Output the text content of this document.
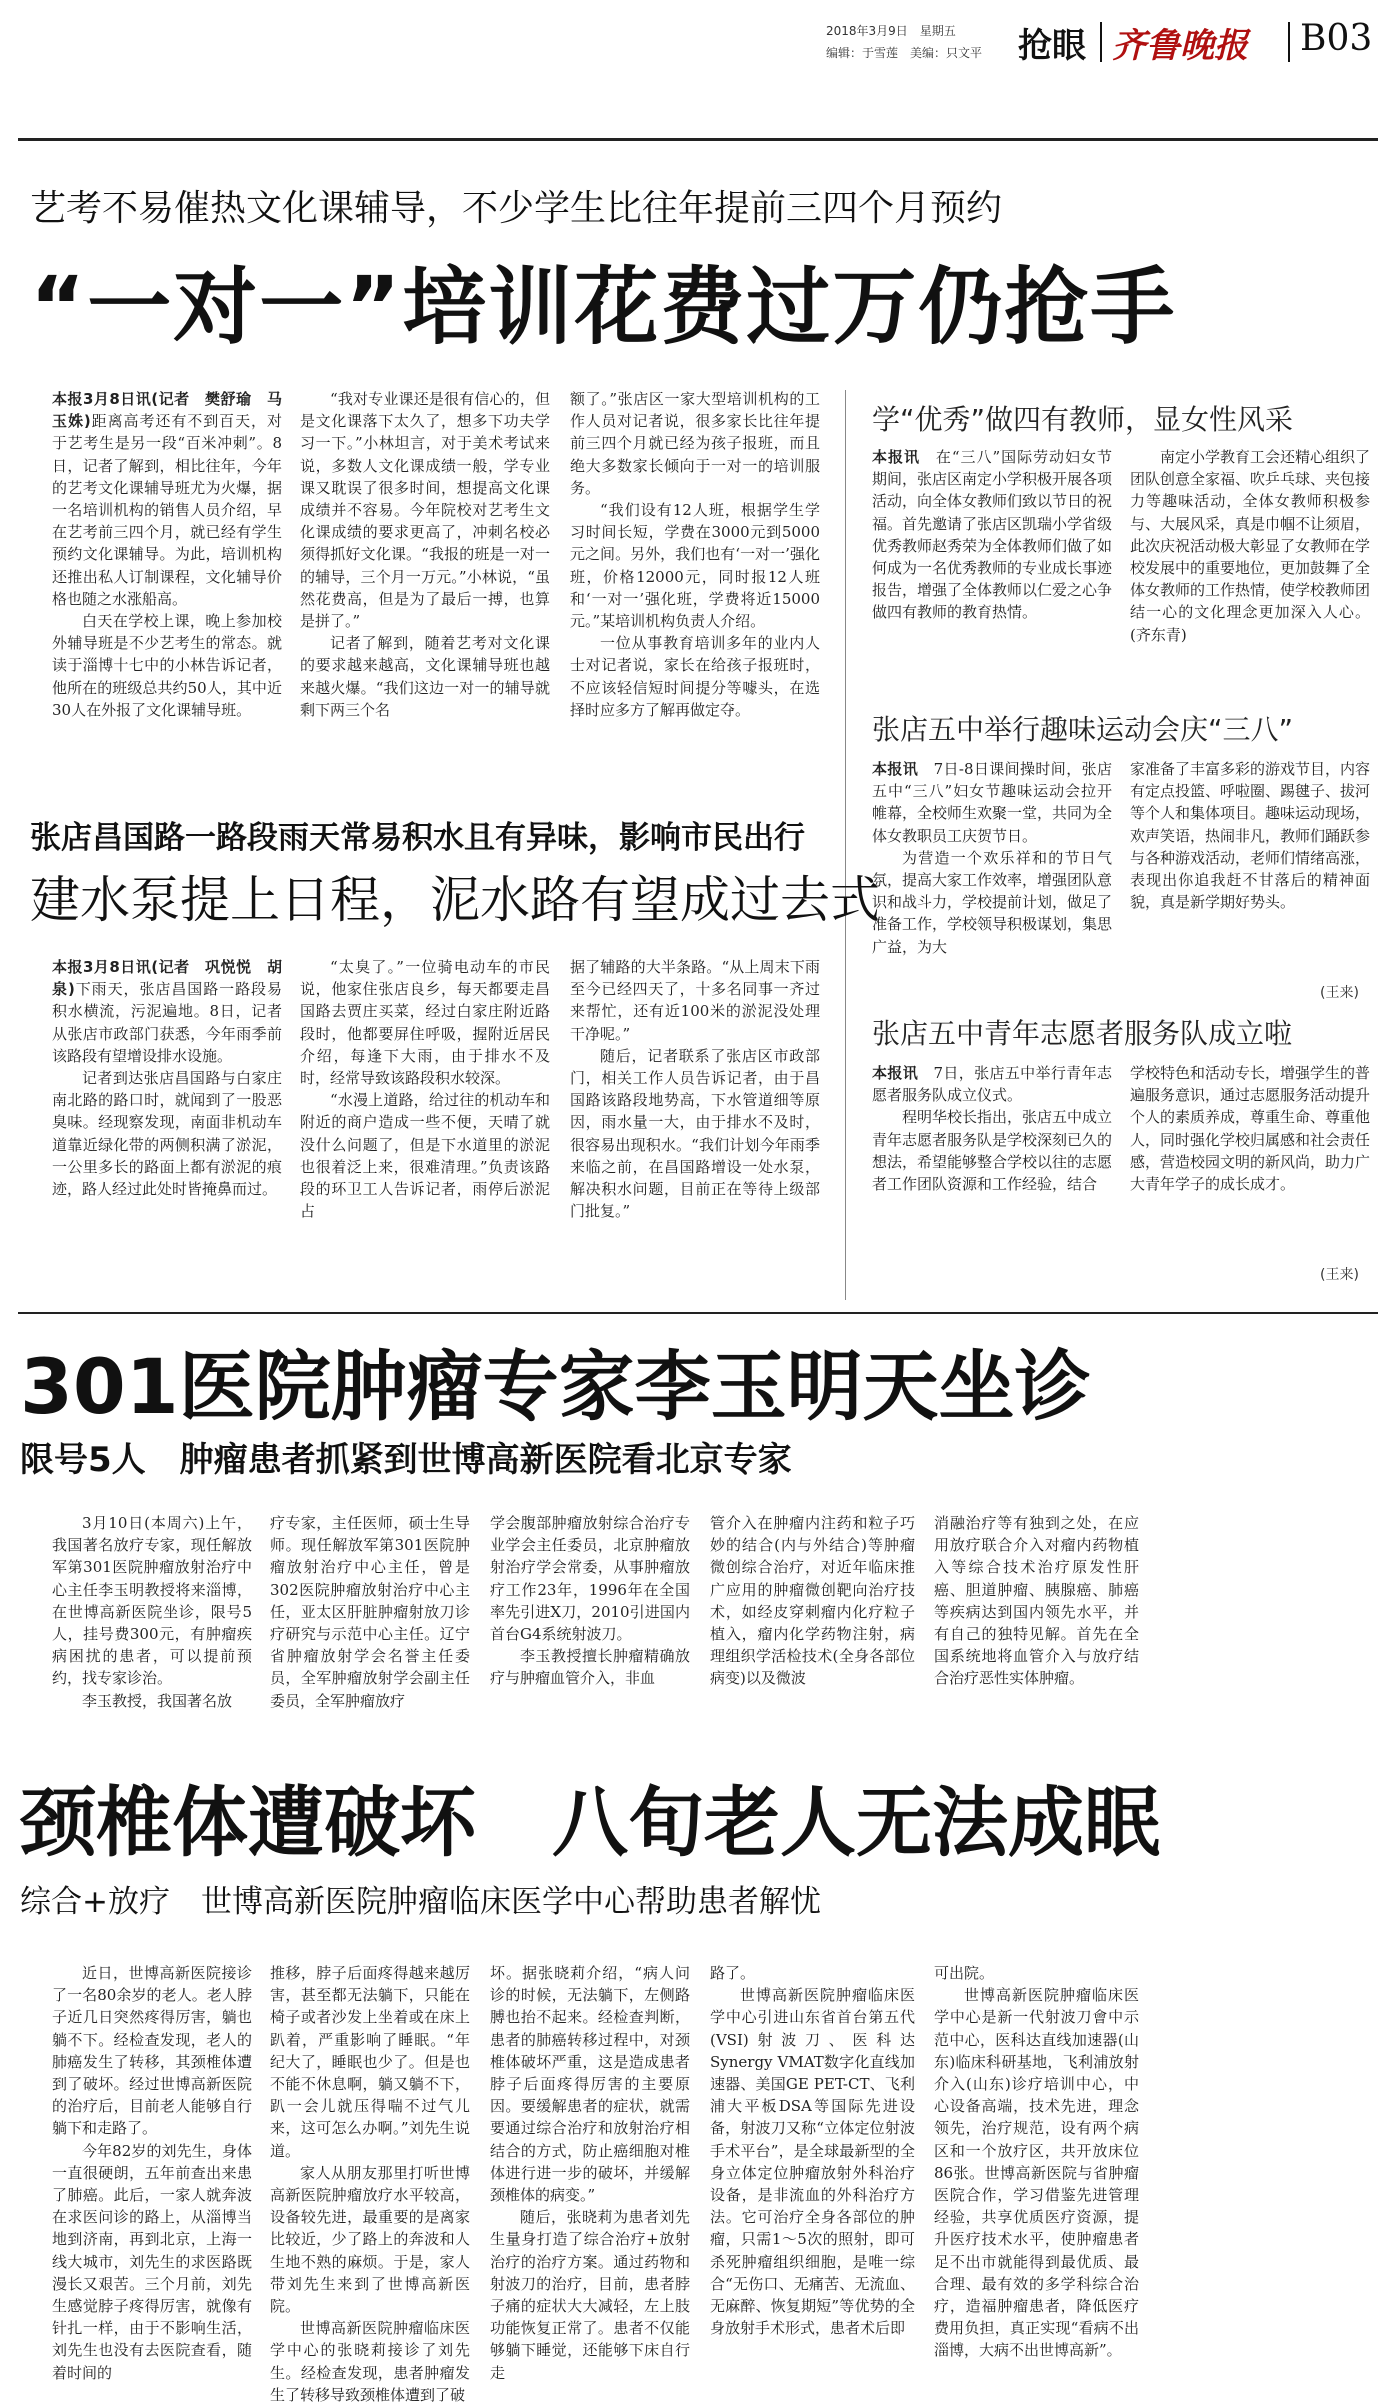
2018年3月9日　星期五
编辑：于雪莲　美编：只文平 抢眼 齐鲁晚报 B03
艺考不易催热文化课辅导，不少学生比往年提前三四个月预约
“一对一”培训花费过万仍抢手

本报3月8日讯(记者　樊舒瑜　马玉姝)距离高考还有不到百天，对于艺考生是另一段“百米冲刺”。8日，记者了解到，相比往年，今年的艺考文化课辅导班尤为火爆，据一名培训机构的销售人员介绍，早在艺考前三四个月，就已经有学生预约文化课辅导。为此，培训机构还推出私人订制课程，文化辅导价格也随之水涨船高。

白天在学校上课，晚上参加校外辅导班是不少艺考生的常态。就读于淄博十七中的小林告诉记者，他所在的班级总共约50人，其中近30人在外报了文化课辅导班。

“我对专业课还是很有信心的，但是文化课落下太久了，想多下功夫学习一下。”小林坦言，对于美术考试来说，多数人文化课成绩一般，学专业课又耽误了很多时间，想提高文化课成绩并不容易。今年院校对艺考生文化课成绩的要求更高了，冲刺名校必须得抓好文化课。“我报的班是一对一的辅导，三个月一万元。”小林说，“虽然花费高，但是为了最后一搏，也算是拼了。”

记者了解到，随着艺考对文化课的要求越来越高，文化课辅导班也越来越火爆。“我们这边一对一的辅导就剩下两三个名

额了。”张店区一家大型培训机构的工作人员对记者说，很多家长比往年提前三四个月就已经为孩子报班，而且绝大多数家长倾向于一对一的培训服务。

“我们设有12人班，根据学生学习时间长短，学费在3000元到5000元之间。另外，我们也有‘一对一’强化班，价格12000元，同时报12人班和‘一对一’强化班，学费将近15000元。”某培训机构负责人介绍。

一位从事教育培训多年的业内人士对记者说，家长在给孩子报班时，不应该轻信短时间提分等噱头，在选择时应多方了解再做定夺。

张店昌国路一路段雨天常易积水且有异味，影响市民出行
建水泵提上日程，泥水路有望成过去式

本报3月8日讯(记者　巩悦悦　胡泉)下雨天，张店昌国路一路段易积水横流，污泥遍地。8日，记者从张店市政部门获悉，今年雨季前该路段有望增设排水设施。

记者到达张店昌国路与白家庄南北路的路口时，就闻到了一股恶臭味。经现察发现，南面非机动车道靠近绿化带的两侧积满了淤泥，一公里多长的路面上都有淤泥的痕迹，路人经过此处时皆掩鼻而过。

“太臭了。”一位骑电动车的市民说，他家住张店良乡，每天都要走昌国路去贾庄买菜，经过白家庄附近路段时，他都要屏住呼吸，握附近居民介绍，每逢下大雨，由于排水不及时，经常导致该路段积水较深。

“水漫上道路，给过往的机动车和附近的商户造成一些不便，天晴了就没什么问题了，但是下水道里的淤泥也很着泛上来，很难清理。”负责该路段的环卫工人告诉记者，雨停后淤泥占

据了辅路的大半条路。“从上周末下雨至今已经四天了，十多名同事一齐过来帮忙，还有近100米的淤泥没处理干净呢。”

随后，记者联系了张店区市政部门，相关工作人员告诉记者，由于昌国路该路段地势高，下水管道细等原因，雨水量一大，由于排水不及时，很容易出现积水。“我们计划今年雨季来临之前，在昌国路增设一处水泵，解决积水问题，目前正在等待上级部门批复。”

学“优秀”做四有教师，显女性风采

本报讯　 在“三八”国际劳动妇女节期间，张店区南定小学积极开展各项活动，向全体女教师们致以节日的祝福。首先邀请了张店区凯瑞小学省级优秀教师赵秀荣为全体教师们做了如何成为一名优秀教师的专业成长事迹报告，增强了全体教师以仁爱之心争做四有教师的教育热情。

南定小学教育工会还精心组织了团队创意全家福、吹乒乓球、夹包接力等趣味活动，全体女教师积极参与、大展风采，真是巾帼不让须眉，此次庆祝活动极大彰显了女教师在学校发展中的重要地位，更加鼓舞了全体女教师的工作热情，使学校教师团结一心的文化理念更加深入人心。(齐东青)

张店五中举行趣味运动会庆“三八”

本报讯　 7日-8日课间操时间，张店五中“三八”妇女节趣味运动会拉开帷幕，全校师生欢聚一堂，共同为全体女教职员工庆贺节日。

为营造一个欢乐祥和的节日气氛，提高大家工作效率，增强团队意识和战斗力，学校提前计划，做足了准备工作，学校领导积极谋划，集思广益，为大

家准备了丰富多彩的游戏节目，内容有定点投篮、呼啦圈、踢毽子、拔河等个人和集体项目。趣味运动现场，欢声笑语，热闹非凡，教师们踊跃参与各种游戏活动，老师们情绪高涨，表现出你追我赶不甘落后的精神面貌，真是新学期好势头。

(王来)
张店五中青年志愿者服务队成立啦

本报讯　 7日，张店五中举行青年志愿者服务队成立仪式。

程明华校长指出，张店五中成立青年志愿者服务队是学校深刻已久的想法，希望能够整合学校以往的志愿者工作团队资源和工作经验，结合

学校特色和活动专长，增强学生的普遍服务意识，通过志愿服务活动提升个人的素质养成，尊重生命、尊重他人，同时强化学校归属感和社会责任感，营造校园文明的新风尚，助力广大青年学子的成长成才。

(王来)
301医院肿瘤专家李玉明天坐诊
限号5人　肿瘤患者抓紧到世博高新医院看北京专家

3月10日(本周六)上午，我国著名放疗专家，现任解放军第301医院肿瘤放射治疗中心主任李玉明教授将来淄博，在世博高新医院坐诊，限号5人，挂号费300元，有肿瘤疾病困扰的患者，可以提前预约，找专家诊治。

李玉教授，我国著名放

疗专家，主任医师，硕士生导师。现任解放军第301医院肿瘤放射治疗中心主任，曾是302医院肿瘤放射治疗中心主任，亚太区肝脏肿瘤射放刀诊疗研究与示范中心主任。辽宁省肿瘤放射学会名誉主任委员，全军肿瘤放射学会副主任委员，全军肿瘤放疗

学会腹部肿瘤放射综合治疗专业学会主任委员，北京肿瘤放射治疗学会常委，从事肿瘤放疗工作23年，1996年在全国率先引进X刀，2010引进国内首台G4系统射波刀。

李玉教授擅长肿瘤精确放疗与肿瘤血管介入，非血

管介入在肿瘤内注药和粒子巧妙的结合(内与外结合)等肿瘤微创综合治疗，对近年临床推广应用的肿瘤微创靶向治疗技术，如经皮穿刺瘤内化疗粒子植入，瘤内化学药物注射，病理组织学活检技术(全身各部位病变)以及微波

消融治疗等有独到之处，在应用放疗联合介入对瘤内药物植入等综合技术治疗原发性肝癌、胆道肿瘤、胰腺癌、肺癌等疾病达到国内领先水平，并有自己的独特见解。首先在全国系统地将血管介入与放疗结合治疗恶性实体肿瘤。

颈椎体遭破坏　八旬老人无法成眠
综合+放疗　世博高新医院肿瘤临床医学中心帮助患者解忧

近日，世博高新医院接诊了一名80余岁的老人。老人脖子近几日突然疼得厉害，躺也躺不下。经检查发现，老人的肺癌发生了转移，其颈椎体遭到了破坏。经过世博高新医院的治疗后，目前老人能够自行躺下和走路了。

今年82岁的刘先生，身体一直很硬朗，五年前查出来患了肺癌。此后，一家人就奔波在求医问诊的路上，从淄博当地到济南，再到北京，上海一线大城市，刘先生的求医路既漫长又艰苦。三个月前，刘先生感觉脖子疼得厉害，就像有针扎一样，由于不影响生活，刘先生也没有去医院查看，随着时间的

推移，脖子后面疼得越来越厉害，甚至都无法躺下，只能在椅子或者沙发上坐着或在床上趴着，严重影响了睡眠。“年纪大了，睡眠也少了。但是也不能不休息啊，躺又躺不下，趴一会儿就压得喘不过气儿来，这可怎么办啊。”刘先生说道。

家人从朋友那里打听世博高新医院肿瘤放疗水平较高，设备较先进，最重要的是离家比较近，少了路上的奔波和人生地不熟的麻烦。于是，家人带刘先生来到了世博高新医院。

世博高新医院肿瘤临床医学中心的张晓莉接诊了刘先生。经检查发现，患者肿瘤发生了转移导致颈椎体遭到了破

坏。据张晓莉介绍，“病人问诊的时候，无法躺下，左侧路膊也抬不起来。经检查判断，患者的肺癌转移过程中，对颈椎体破坏严重，这是造成患者脖子后面疼得厉害的主要原因。要缓解患者的症状，就需要通过综合治疗和放射治疗相结合的方式，防止癌细胞对椎体进行进一步的破坏，并缓解颈椎体的病变。”

随后，张晓莉为患者刘先生量身打造了综合治疗+放射治疗的治疗方案。通过药物和射波刀的治疗，目前，患者脖子痛的症状大大减轻，左上肢功能恢复正常了。患者不仅能够躺下睡觉，还能够下床自行走

路了。

世博高新医院肿瘤临床医学中心引进山东省首台第五代(VSI)射波刀、医科达Synergy VMAT数字化直线加速器、美国GE PET-CT、飞利浦大平板DSA等国际先进设备，射波刀又称“立体定位射波手术平台”，是全球最新型的全身立体定位肿瘤放射外科治疗设备，是非流血的外科治疗方法。它可治疗全身各部位的肿瘤，只需1～5次的照射，即可杀死肿瘤组织细胞，是唯一综合“无伤口、无痛苦、无流血、无麻醉、恢复期短”等优势的全身放射手术形式，患者术后即

可出院。

世博高新医院肿瘤临床医学中心是新一代射波刀會中示范中心，医科达直线加速器(山东)临床科研基地，飞利浦放射介入(山东)诊疗培训中心，中心设备高端，技术先进，理念领先，治疗规范，设有两个病区和一个放疗区，共开放床位86张。世博高新医院与省肿瘤医院合作，学习借鉴先进管理经验，共享优质医疗资源，提升医疗技术水平，使肿瘤患者足不出市就能得到最优质、最合理、最有效的多学科综合治疗，造福肿瘤患者，降低医疗费用负担，真正实现“看病不出淄博，大病不出世博高新”。
